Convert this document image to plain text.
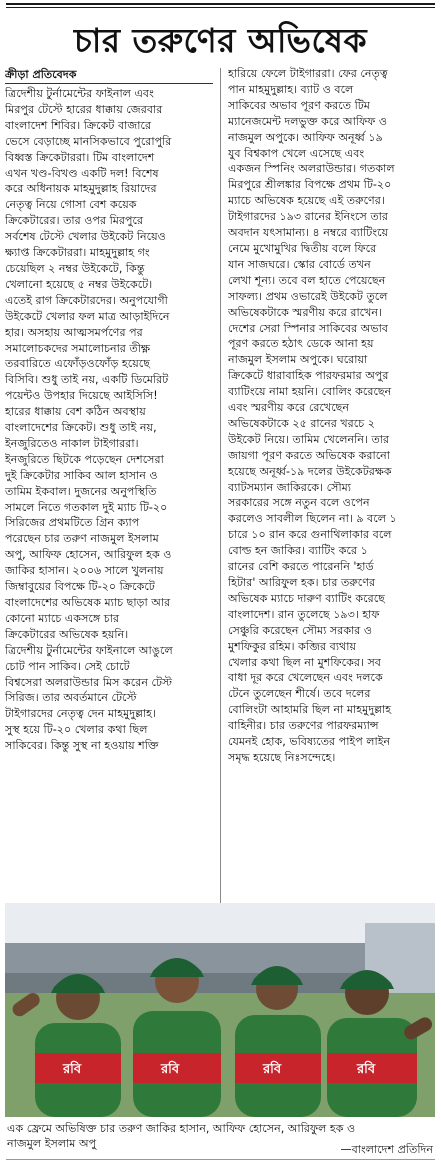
চার তরুণের অভিষেক
ক্রীড়া প্রতিবেদক
ত্রিদেশীয় টুর্নামেন্টের ফাইনাল এবং
মিরপুর টেস্টে হারের ধাক্কায় জেরবার
বাংলাদেশ শিবির। ক্রিকেট বাজারে
ভেসে বেড়াচ্ছে মানসিকভাবে পুরোপুরি
বিধ্বস্ত ক্রিকেটাররা। টিম বাংলাদেশ
এখন খণ্ড-বিখণ্ড একটি দল! বিশেষ
করে অধিনায়ক মাহমুদুল্লাহ রিয়াদের
নেতৃত্ব নিয়ে গোসা বেশ কয়েক
ক্রিকেটারের। তার ওপর মিরপুরে
সর্বশেষ টেস্টে খেলার উইকেট নিয়েও
ক্ষ্যাপ্ত ক্রিকেটাররা। মাহমুদুল্লাহ গং
চেয়েছিল ২ নম্বর উইকেটে, কিন্তু
খেলানো হয়েছে ৫ নম্বর উইকেটে।
এতেই রাগ ক্রিকেটারদের। অনুপযোগী
উইকেটে খেলার ফল মাত্র আড়াইদিনে
হার। অসহায় আত্মসমর্পণের পর
সমালোচকদের সমালোচনার তীক্ষ্ণ
তরবারিতে এফোঁড়ওফোঁড় হয়েছে
বিসিবি। শুধু তাই নয়, একটি ডিমেরিট
পয়েন্টও উপহার দিয়েছে আইসিসি!
হারের ধাক্কায় বেশ কঠিন অবস্থায়
বাংলাদেশের ক্রিকেট। শুধু তাই নয়,
ইনজুরিতেও নাকাল টাইগাররা।
ইনজুরিতে ছিটকে পড়েছেন দেশসেরা
দুই ক্রিকেটার সাকিব আল হাসান ও
তামিম ইকবাল। দুজনের অনুপস্থিতি
সামলে নিতে গতকাল দুই ম্যাচ টি-২০
সিরিজের প্রথমটিতে গ্রিন ক্যাপ
পরেছেন চার তরুণ নাজমুল ইসলাম
অপু, আফিফ হোসেন, আরিফুল হক ও
জাকির হাসান। ২০০৬ সালে খুলনায়
জিম্বাবুয়ের বিপক্ষে টি-২০ ক্রিকেটে
বাংলাদেশের অভিষেক ম্যাচ ছাড়া আর
কোনো ম্যাচে একসঙ্গে চার
ক্রিকেটারের অভিষেক হয়নি।
ত্রিদেশীয় টুর্নামেন্টের ফাইনালে আঙুলে
চোট পান সাকিব। সেই চোটে
বিশ্বসেরা অলরাউন্ডার মিস করেন টেস্ট
সিরিজ। তার অবর্তমানে টেস্টে
টাইগারদের নেতৃত্ব দেন মাহমুদুল্লাহ।
সুস্থ হয়ে টি-২০ খেলার কথা ছিল
সাকিবের। কিন্তু সুস্থ না হওয়ায় শক্তি
হারিয়ে ফেলে টাইগাররা। ফের নেতৃত্ব
পান মাহমুদুল্লাহ। ব্যাট ও বলে
সাকিবের অভাব পূরণ করতে টিম
ম্যানেজমেন্ট দলভুক্ত করে আফিফ ও
নাজমুল অপুকে। আফিফ অনূর্ধ্ব ১৯
যুব বিশ্বকাপ খেলে এসেছে এবং
একজন স্পিনিং অলরাউন্ডার। গতকাল
মিরপুরে শ্রীলঙ্কার বিপক্ষে প্রথম টি-২০
ম্যাচে অভিষেক হয়েছে এই তরুণের।
টাইগারদের ১৯৩ রানের ইনিংসে তার
অবদান যৎসামান্য। ৪ নম্বরে ব্যাটিংয়ে
নেমে মুখোমুখির দ্বিতীয় বলে ফিরে
যান সাজঘরে। স্কোর বোর্ডে তখন
লেখা শূন্য। তবে বল হাতে পেয়েছেন
সাফল্য। প্রথম ওভারেই উইকেট তুলে
অভিষেকটাকে স্মরণীয় করে রাখেন।
দেশের সেরা স্পিনার সাকিবের অভাব
পূরণ করতে হঠাৎ ডেকে আনা হয়
নাজমুল ইসলাম অপুকে। ঘরোয়া
ক্রিকেটে ধারাবাহিক পারফরমার অপুর
ব্যাটিংয়ে নামা হয়নি। বোলিং করেছেন
এবং স্মরণীয় করে রেখেছেন
অভিষেকটাকে ২৫ রানের খরচে ২
উইকেট নিয়ে। তামিম খেলেননি। তার
জায়গা পূরণ করতে অভিষেক করানো
হয়েছে অনূর্ধ্ব-১৯ দলের উইকেটরক্ষক
ব্যাটসম্যান জাকিরকে। সৌম্য
সরকারের সঙ্গে নতুন বলে ওপেন
করলেও সাবলীল ছিলেন না। ৯ বলে ১
চারে ১০ রান করে গুনাথিলাকার বলে
বোল্ড হন জাকির। ব্যাটিং করে ১
রানের বেশি করতে পারেননি 'হার্ড
হিটার' আরিফুল হক। চার তরুণের
অভিষেক ম্যাচে দারুণ ব্যাটিং করেছে
বাংলাদেশ। রান তুলেছে ১৯৩। হাফ
সেঞ্চুরি করেছেন সৌম্য সরকার ও
মুশফিকুর রহিম। কব্জির ব্যথায়
খেলার কথা ছিল না মুশফিকের। সব
বাধা দূর করে খেলেছেন এবং দলকে
টেনে তুলেছেন শীর্ষে। তবে দলের
বোলিংটা আহামরি ছিল না মাহমুদুল্লাহ
বাহিনীর। চার তরুণের পারফরম্যান্স
যেমনই হোক, ভবিষ্যতের পাইপ লাইন
সমৃদ্ধ হয়েছে নিঃসন্দেহে।
রবি	রবি	রবি	রবি
এক ফ্রেমে অভিষিক্ত চার তরুণ জাকির হাসান, আফিফ হোসেন, আরিফুল হক ও
নাজমুল ইসলাম অপু	—বাংলাদেশ প্রতিদিন
